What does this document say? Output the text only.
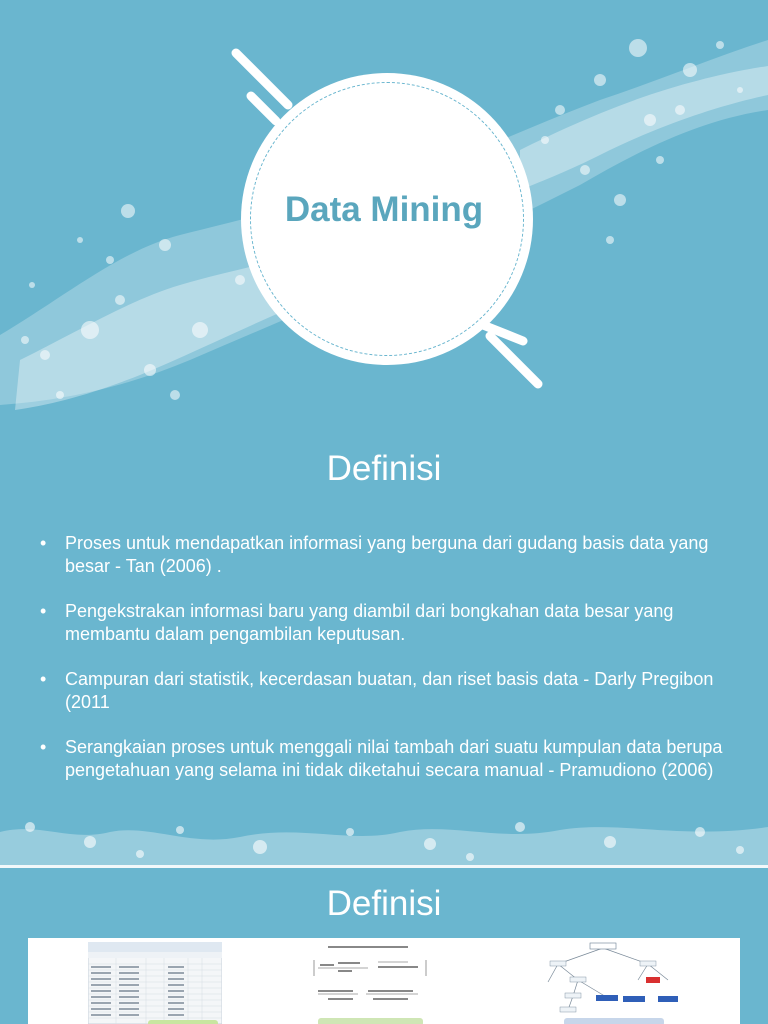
Data Mining
Definisi
• Proses untuk mendapatkan informasi yang berguna dari gudang basis data yang besar - Tan (2006) .
• Pengekstrakan informasi baru yang diambil dari bongkahan data besar yang membantu dalam pengambilan keputusan.
• Campuran dari statistik, kecerdasan buatan, dan riset basis data - Darly Pregibon (2011
• Serangkaian proses untuk menggali nilai tambah dari suatu kumpulan data berupa pengetahuan yang selama ini tidak diketahui secara manual - Pramudiono (2006)
Definisi
